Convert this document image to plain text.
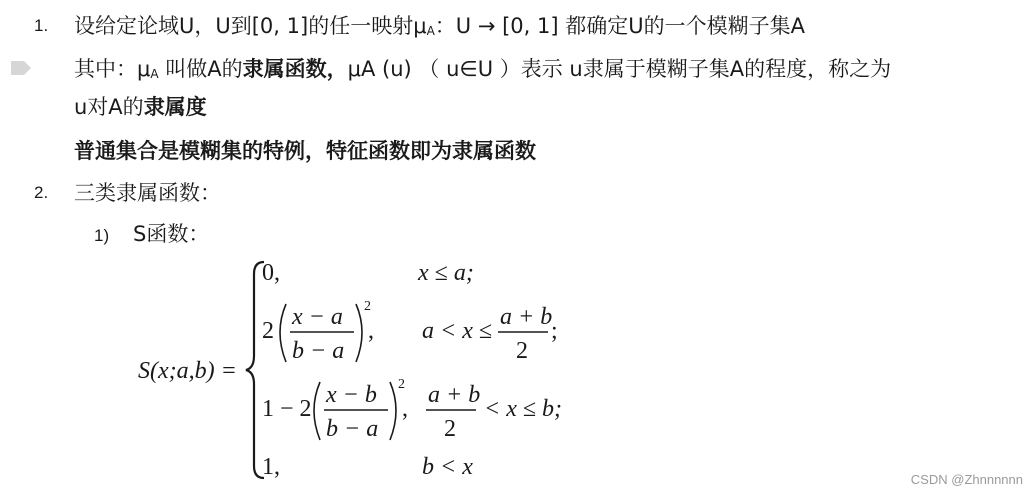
1. 设给定论域U，U到[0, 1]的任一映射μA：U → [0, 1] 都确定U的一个模糊子集A
其中：μA 叫做A的隶属函数，μA (u) （ u∈U ）表示 u隶属于模糊子集A的程度，称之为
u对A的隶属度
普通集合是模糊集的特例，特征函数即为隶属函数
2. 三类隶属函数：
1) S函数：
S(x;a,b) =
0,	x ≤ a;
2
x − a
b − a
2
, a < x ≤
a + b
2
;
1 − 2
x − b
b − a
2
,
a + b
2
< x ≤ b;
1,	b < x	CSDN @Zhnnnnnn
